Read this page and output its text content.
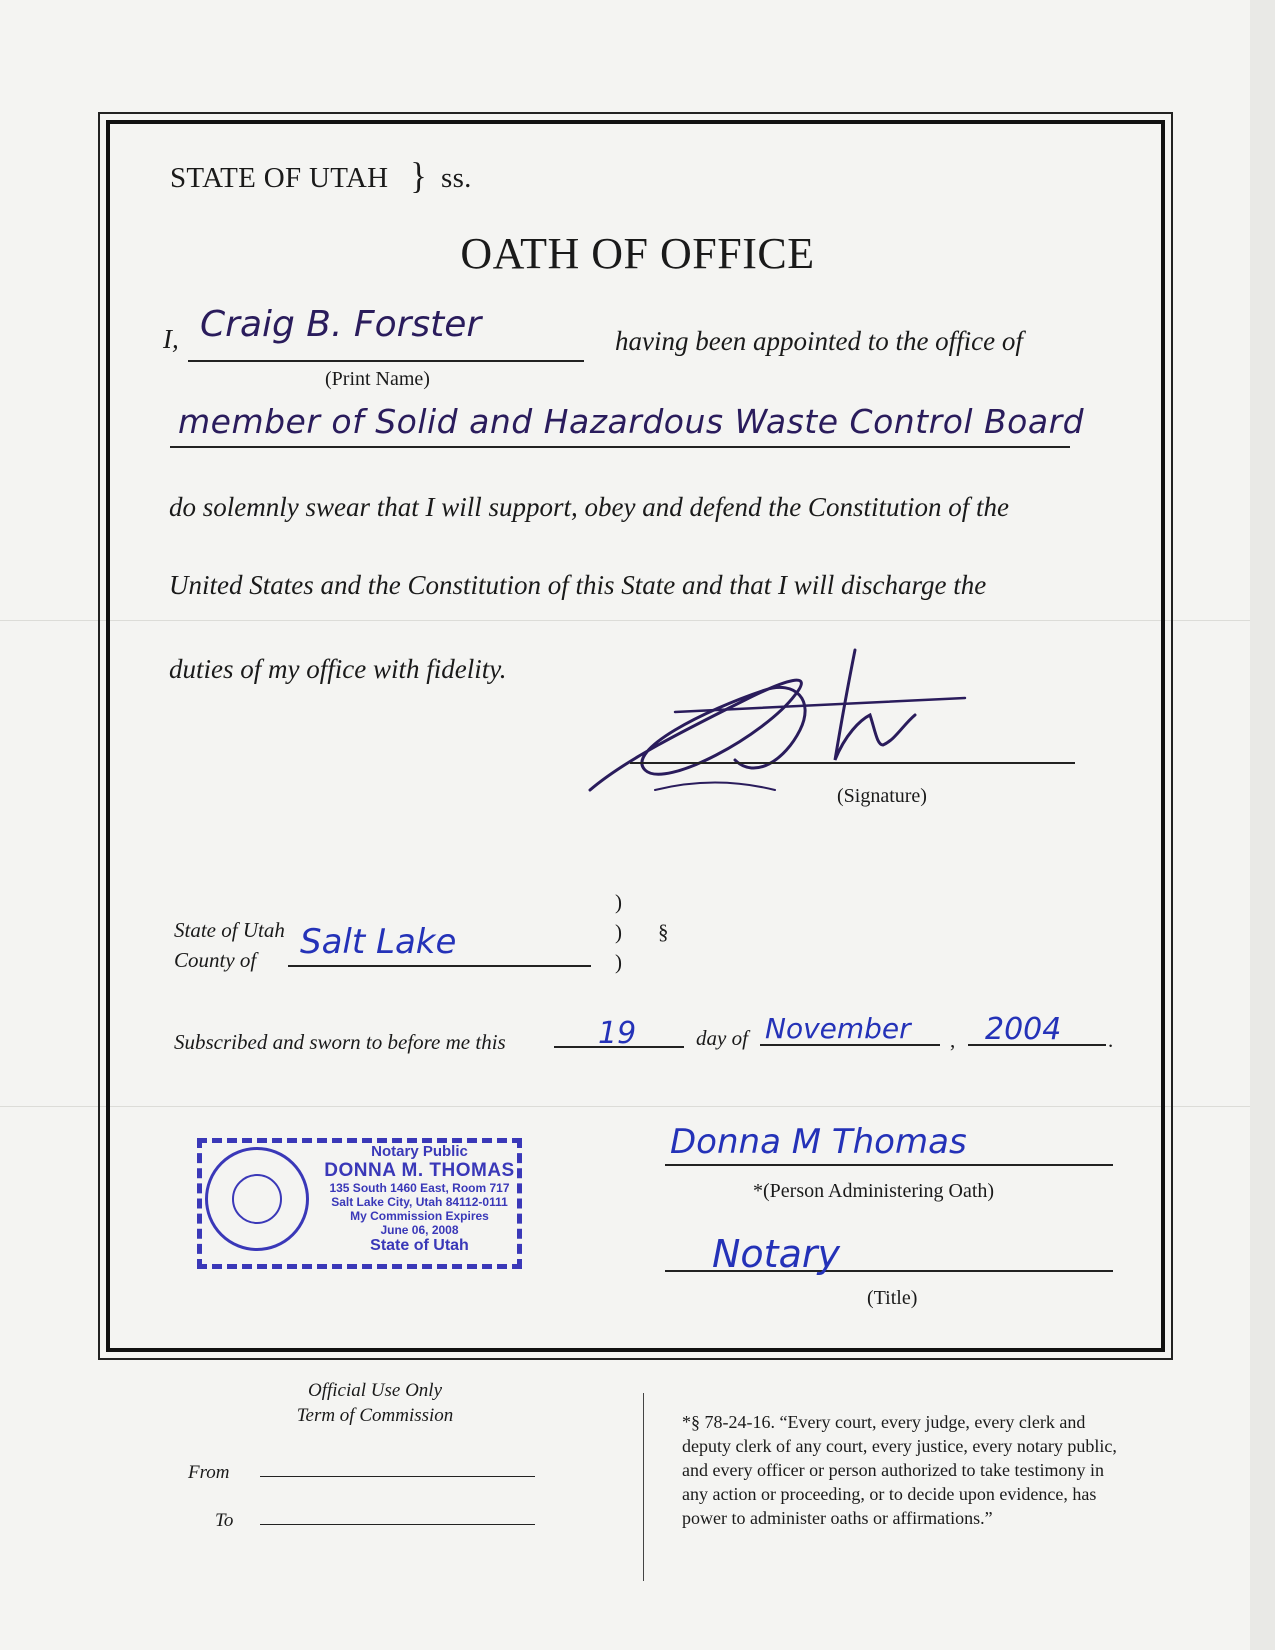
STATE OF UTAH } ss.
OATH OF OFFICE
I, Craig B. Forster
(Print Name)
having been appointed to the office of
member of Solid and Hazardous Waste Control Board
do solemnly swear that I will support, obey and defend the Constitution of the
United States and the Constitution of this State and that I will discharge the
duties of my office with fidelity.
(Signature)
State of Utah
County of Salt Lake
)
)
)
§
Subscribed and sworn to before me this	19	day of November , 2004 .
Notary Public
DONNA M. THOMAS
135 South 1460 East, Room 717
Salt Lake City, Utah 84112-0111
My Commission Expires
June 06, 2008
State of Utah
Donna M Thomas
*(Person Administering Oath)
Notary
(Title)
Official Use Only
Term of Commission
From
To
*§ 78-24-16. “Every court, every judge, every clerk and
deputy clerk of any court, every justice, every notary public,
and every officer or person authorized to take testimony in
any action or proceeding, or to decide upon evidence, has
power to administer oaths or affirmations.”
